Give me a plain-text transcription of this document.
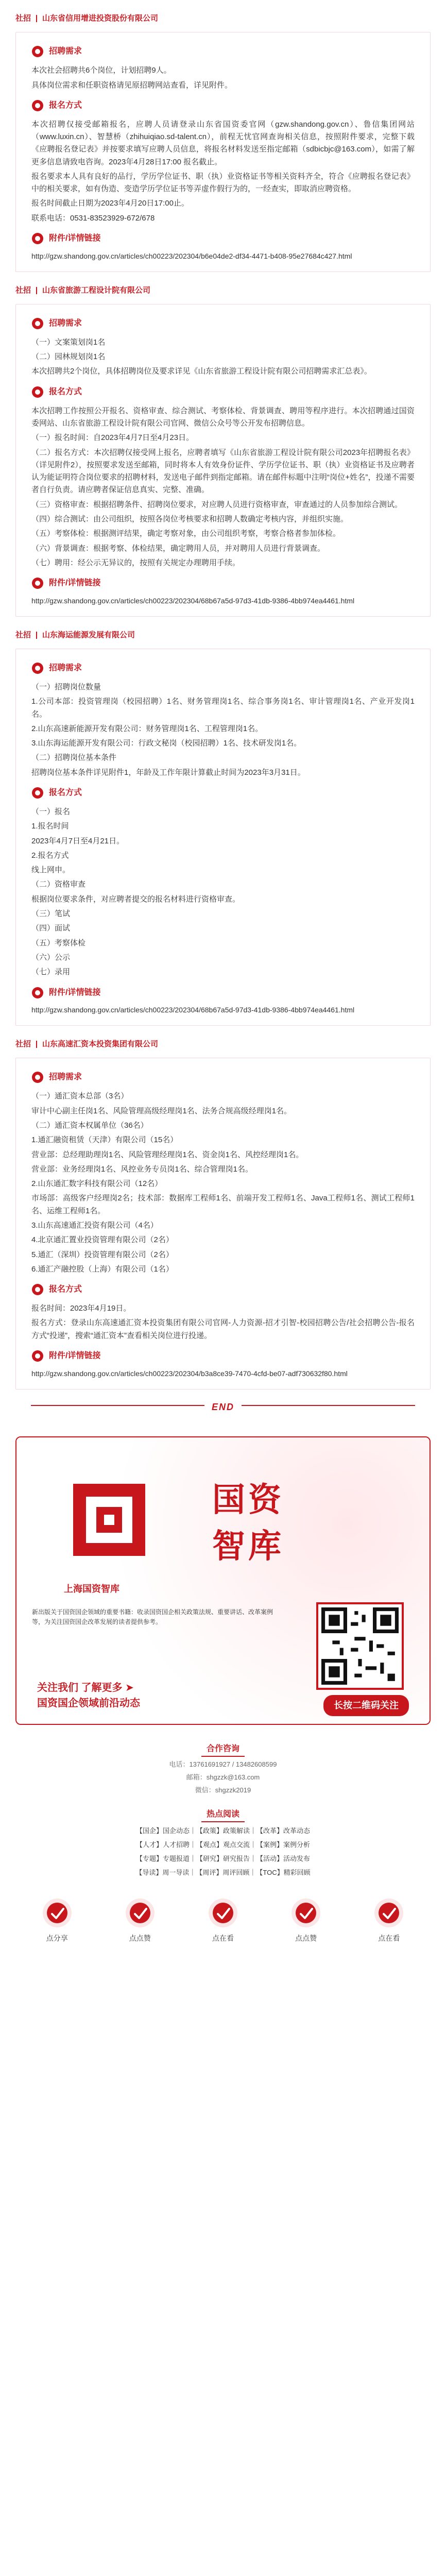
社招 山东省信用增进投资股份有限公司
招聘需求
本次社会招聘共6个岗位，计划招聘9人。
具体岗位需求和任职资格请见原招聘网站查看，详见附件。
报名方式
本次招聘仅接受邮箱报名，应聘人员请登录山东省国资委官网（gzw.shandong.gov.cn）、鲁信集团网站（www.luxin.cn）、智慧桥（zhihuiqiao.sd-talent.cn），前程无忧官网查询相关信息，按照附件要求，完整下载《应聘报名登记表》并按要求填写应聘人员信息，将报名材料发送至指定邮箱（sdbicbjc@163.com），如需了解更多信息请致电咨询。2023年4月28日17:00 报名截止。
报名要求本人具有良好的品行，学历学位证书、职（执）业资格证书等相关资料齐全，符合《应聘报名登记表》中的相关要求，如有伪造、变造学历学位证书等弄虚作假行为的，一经查实，即取消应聘资格。
报名时间截止日期为2023年4月20日17:00止。
联系电话：0531-83523929-672/678
附件/详情链接
http://gzw.shandong.gov.cn/articles/ch00223/202304/b6e04de2-df34-4471-b408-95e27684c427.html
社招 山东省旅游工程设计院有限公司
招聘需求
（一）文案策划岗1名
（二）园林规划岗1名
本次招聘共2个岗位，具体招聘岗位及要求详见《山东省旅游工程设计院有限公司招聘需求汇总表》。
报名方式
本次招聘工作按照公开报名、资格审查、综合测试、考察体检、背景调查、聘用等程序进行。本次招聘通过国资委网站、山东省旅游工程设计院有限公司官网、微信公众号等公开发布招聘信息。
（一）报名时间：自2023年4月7日至4月23日。
（二）报名方式：本次招聘仅接受网上报名，应聘者填写《山东省旅游工程设计院有限公司2023年招聘报名表》（详见附件2），按照要求发送至邮箱，同时将本人有效身份证件、学历学位证书、职（执）业资格证书及应聘者认为能证明符合岗位要求的招聘材料，发送电子邮件到指定邮箱。请在邮件标题中注明“岗位+姓名”，投递不需要者自行负责。请应聘者保证信息真实、完整、准确。
（三）资格审查：根据招聘条件、招聘岗位要求，对应聘人员进行资格审查，审查通过的人员参加综合测试。
（四）综合测试：由公司组织，按照各岗位考核要求和招聘人数确定考核内容，并组织实施。
（五）考察体检：根据测评结果，确定考察对象，由公司组织考察，考察合格者参加体检。
（六）背景调查：根据考察、体检结果，确定聘用人员，并对聘用人员进行背景调查。
（七）聘用：经公示无异议的，按照有关规定办理聘用手续。
附件/详情链接
http://gzw.shandong.gov.cn/articles/ch00223/202304/68b67a5d-97d3-41db-9386-4bb974ea4461.html
社招 山东海运能源发展有限公司
招聘需求
（一）招聘岗位数量
1.公司本部：投资管理岗（校园招聘）1名、财务管理岗1名、综合事务岗1名、审计管理岗1名、产业开发岗1名。
2.山东高速新能源开发有限公司：财务管理岗1名、工程管理岗1名。
3.山东海运能源开发有限公司：行政文秘岗（校园招聘）1名、技术研发岗1名。
（二）招聘岗位基本条件
招聘岗位基本条件详见附件1，年龄及工作年限计算截止时间为2023年3月31日。
报名方式
（一）报名
1.报名时间
2023年4月7日至4月21日。
2.报名方式
线上网申。
（二）资格审查
根据岗位要求条件，对应聘者提交的报名材料进行资格审查。
（三）笔试
（四）面试
（五）考察体检
（六）公示
（七）录用
附件/详情链接
http://gzw.shandong.gov.cn/articles/ch00223/202304/68b67a5d-97d3-41db-9386-4bb974ea4461.html
社招 山东高速汇资本投资集团有限公司
招聘需求
（一）通汇资本总部（3名）
审计中心副主任岗1名、风险管理高级经理岗1名、法务合规高级经理岗1名。
（二）通汇资本权属单位（36名）
1.通汇融资租赁（天津）有限公司（15名）
营业部：总经理助理岗1名、风险管理经理岗1名、资金岗1名、风控经理岗1名。
营业部：业务经理岗1名、风控业务专员岗1名、综合管理岗1名。
2.山东通汇数字科技有限公司（12名）
市场部：高级客户经理岗2名；技术部：数据库工程师1名、前端开发工程师1名、Java工程师1名、测试工程师1名、运维工程师1名。
3.山东高速通汇投资有限公司（4名）
4.北京通汇置业投资管理有限公司（2名）
5.通汇（深圳）投资管理有限公司（2名）
6.通汇产融控股（上海）有限公司（1名）
报名方式
报名时间：2023年4月19日。
报名方式：登录山东高速通汇资本投资集团有限公司官网-人力资源-招才引智-校园招聘公告/社会招聘公告-报名方式“投递”，搜索“通汇资本”查看相关岗位进行投递。
附件/详情链接
http://gzw.shandong.gov.cn/articles/ch00223/202304/b3a8ce39-7470-4cfd-be07-adf730632f80.html
END
上海国资智库
国资
智库
新出版关于国资国企领域的重要书籍：收录国资国企相关政策法规、重要讲话、改革案例等，为关注国资国企改革发展的读者提供参考。
关注我们 了解更多 ➤
国资国企领域前沿动态	长按二维码关注
合作咨询
电话：13761691927 / 13482608599
邮箱：shgzzk@163.com
微信：shgzzk2019
热点阅读
【国企】国企动态｜【政策】政策解读｜【改革】改革动态
【人才】人才招聘｜【观点】观点交流｜【案例】案例分析
【专题】专题报道｜【研究】研究报告｜【活动】活动发布
【导读】周一导读｜【周评】周评回顾｜【TOC】精彩回顾
点分享	点点赞	点在看	点点赞	点在看
